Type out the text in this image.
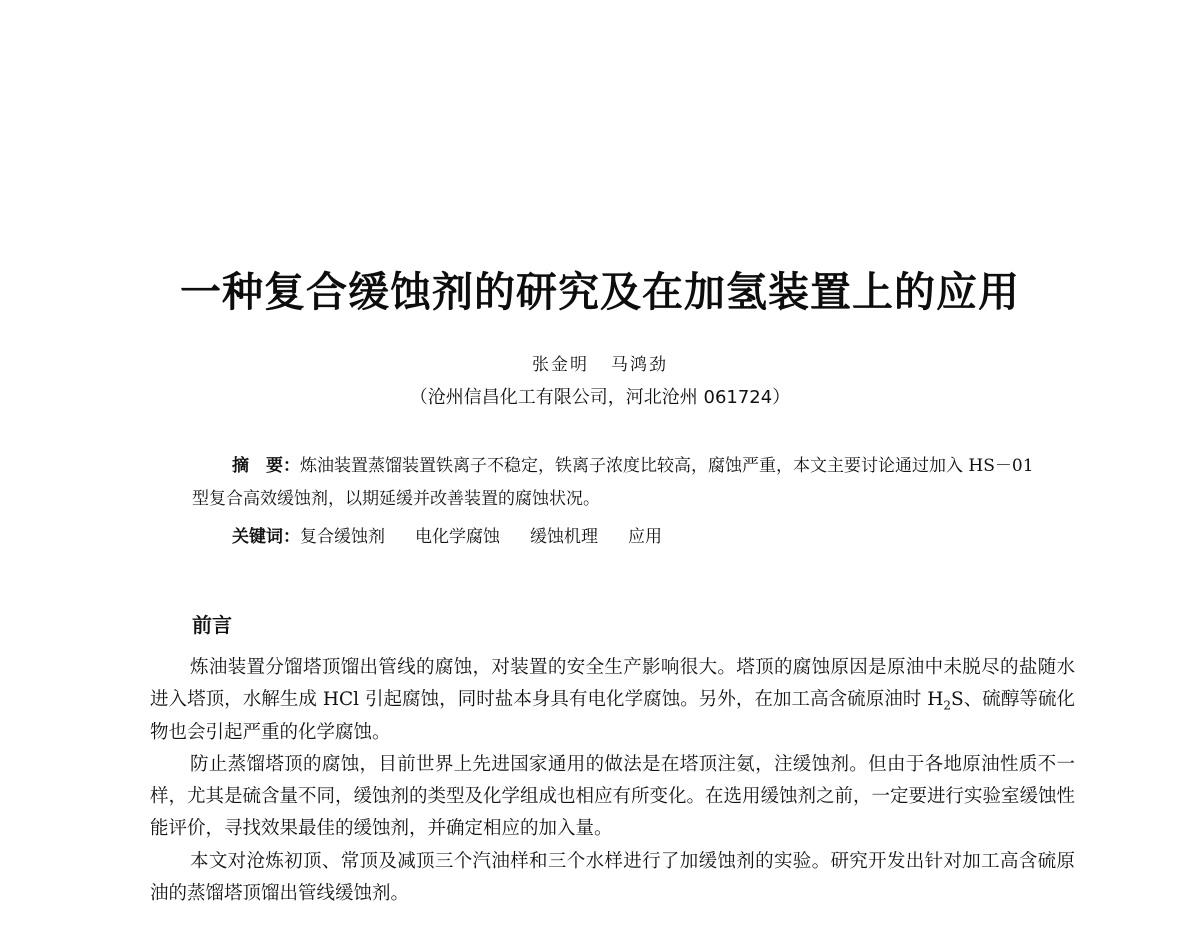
一种复合缓蚀剂的研究及在加氢装置上的应用
张金明 马鸿劲
（沧州信昌化工有限公司，河北沧州 061724）

摘　要：炼油装置蒸馏装置铁离子不稳定，铁离子浓度比较高，腐蚀严重，本文主要讨论通过加入 HS－01 型复合高效缓蚀剂，以期延缓并改善装置的腐蚀状况。

关键词：复合缓蚀剂 电化学腐蚀 缓蚀机理 应用
前言

炼油装置分馏塔顶馏出管线的腐蚀，对装置的安全生产影响很大。塔顶的腐蚀原因是原油中未脱尽的盐随水进入塔顶，水解生成 HCl 引起腐蚀，同时盐本身具有电化学腐蚀。另外，在加工高含硫原油时 $H_2S$、硫醇等硫化物也会引起严重的化学腐蚀。

防止蒸馏塔顶的腐蚀，目前世界上先进国家通用的做法是在塔顶注氨，注缓蚀剂。但由于各地原油性质不一样，尤其是硫含量不同，缓蚀剂的类型及化学组成也相应有所变化。在选用缓蚀剂之前，一定要进行实验室缓蚀性能评价，寻找效果最佳的缓蚀剂，并确定相应的加入量。

本文对沧炼初顶、常顶及减顶三个汽油样和三个水样进行了加缓蚀剂的实验。研究开发出针对加工高含硫原油的蒸馏塔顶馏出管线缓蚀剂。
